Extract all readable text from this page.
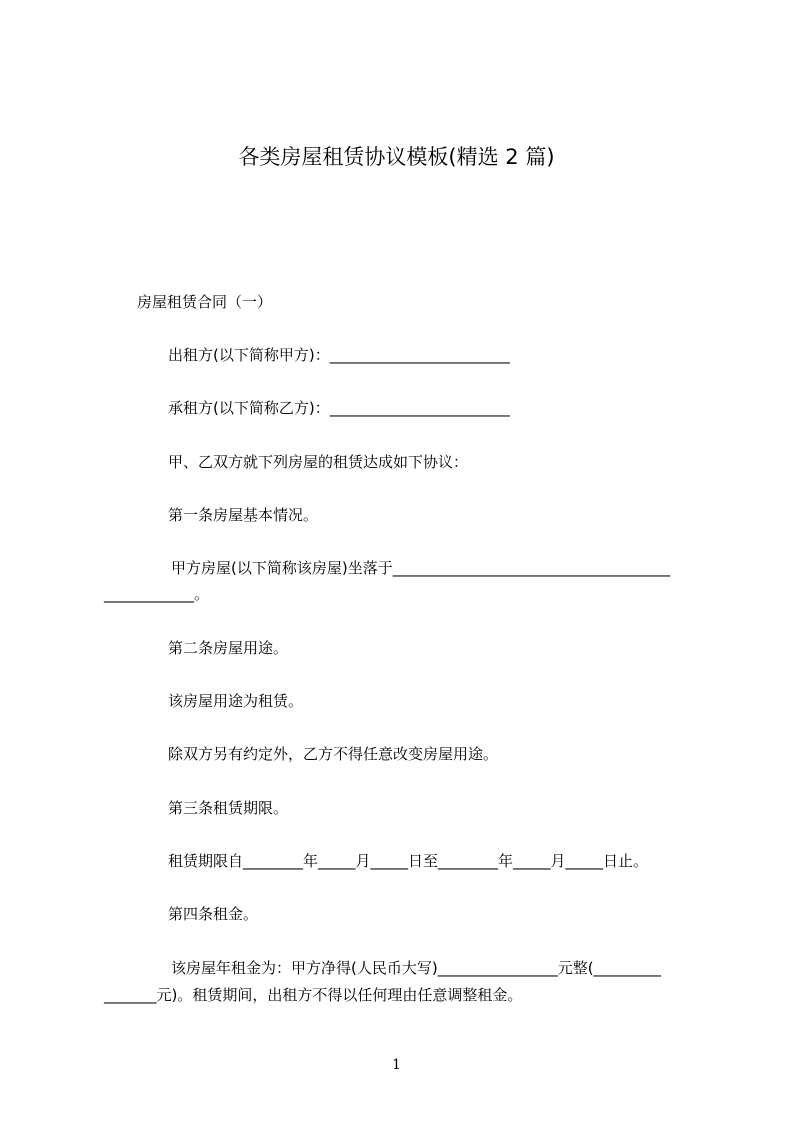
各类房屋租赁协议模板(精选 2 篇)
房屋租赁合同（一）
出租方(以下简称甲方)：________________________
承租方(以下简称乙方)：________________________
甲、乙双方就下列房屋的租赁达成如下协议：
第一条房屋基本情况。
甲方房屋(以下简称该房屋)坐落于_____________________________________
____________。
第二条房屋用途。
该房屋用途为租赁。
除双方另有约定外，乙方不得任意改变房屋用途。
第三条租赁期限。
租赁期限自________年_____月_____日至________年_____月_____日止。
第四条租金。
该房屋年租金为：甲方净得(人民币大写)________________元整(_________
_______元)。租赁期间，出租方不得以任何理由任意调整租金。
1
